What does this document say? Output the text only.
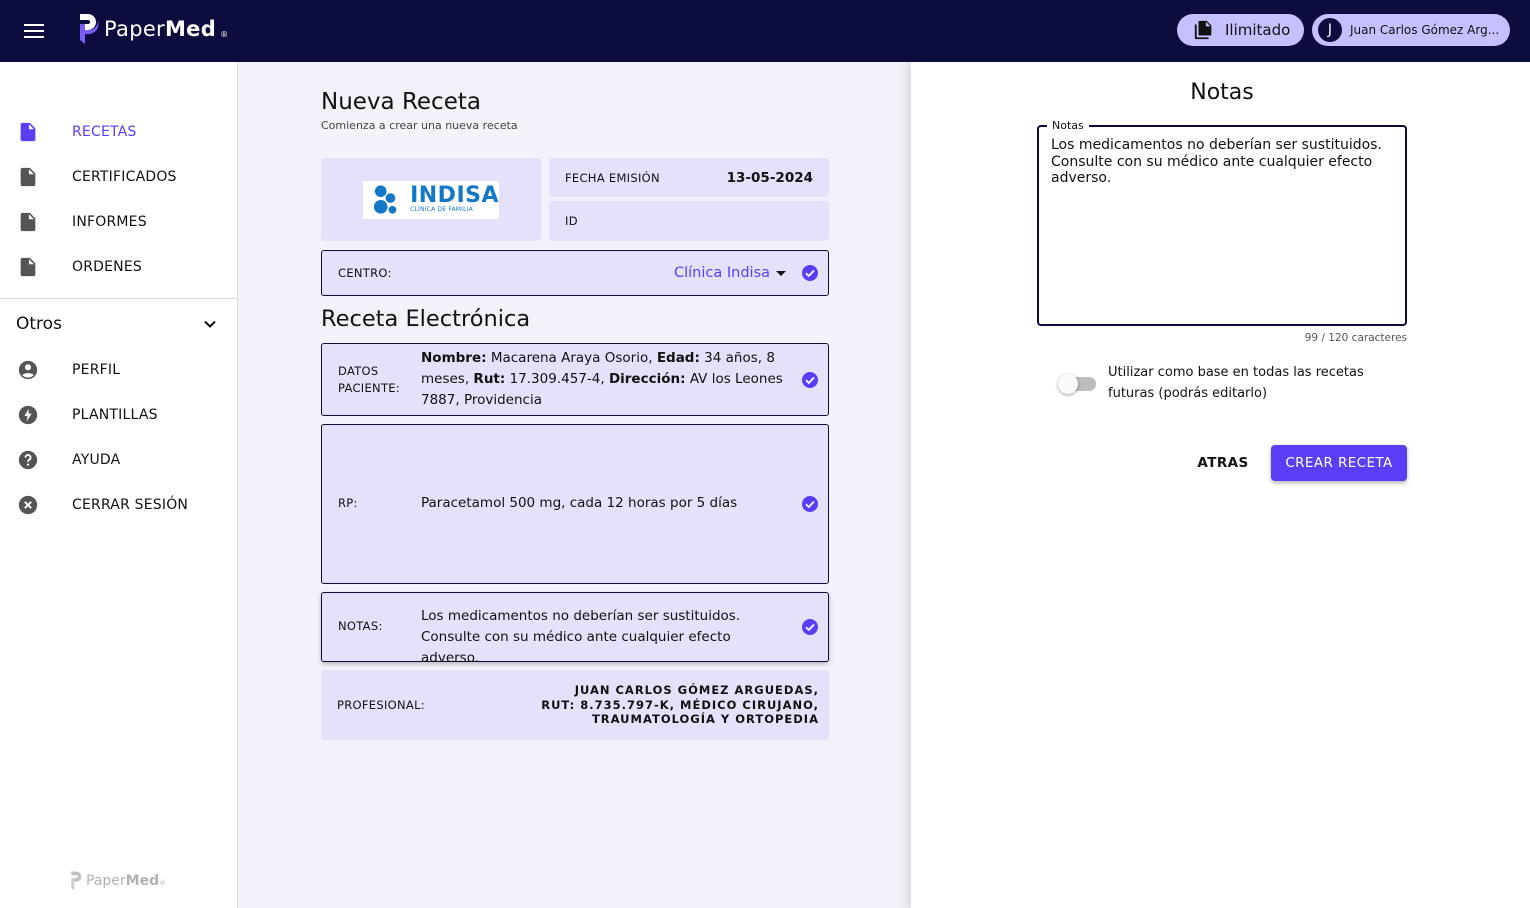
PaperMed ®	Ilimitado	J	Juan Carlos Gómez Arg...
RECETAS
CERTIFICADOS
INFORMES
ORDENES
Otros
PERFIL
PLANTILLAS
AYUDA
CERRAR SESIÓN
PaperMed®
Nueva Receta
Comienza a crear una nueva receta
INDISA
CLÍNICA DE FAMILIA
FECHA EMISIÓN	13-05-2024
ID
CENTRO:	Clínica Indisa
Receta Electrónica
DATOS
PACIENTE:
Nombre: Macarena Araya Osorio, Edad: 34 años, 8 meses, Rut: 17.309.457-4, Dirección: AV los Leones 7887, Providencia
RP:	Paracetamol 500 mg, cada 12 horas por 5 días
NOTAS:
Los medicamentos no deberían ser sustituidos. Consulte con su médico ante cualquier efecto adverso.
PROFESIONAL:
JUAN CARLOS GÓMEZ ARGUEDAS,
RUT: 8.735.797-K, MÉDICO CIRUJANO,
TRAUMATOLOGÍA Y ORTOPEDIA
Notas
Notas
Los medicamentos no deberían ser sustituidos. Consulte con su médico ante cualquier efecto adverso.
99 / 120 caracteres
Utilizar como base en todas las recetas futuras (podrás editarlo)
ATRAS	CREAR RECETA
